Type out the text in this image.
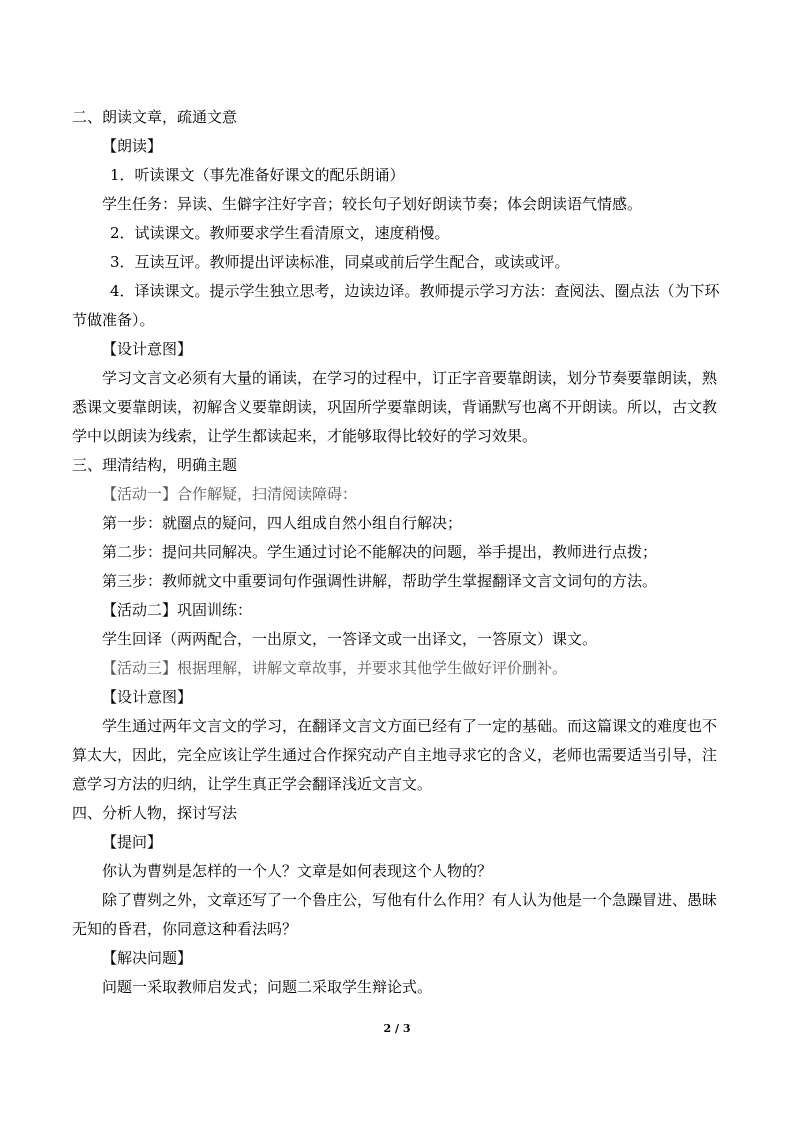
二、朗读文章，疏通文意

【朗读】

1．听读课文（事先准备好课文的配乐朗诵）

学生任务：异读、生僻字注好字音；较长句子划好朗读节奏；体会朗读语气情感。

2．试读课文。教师要求学生看清原文，速度稍慢。

3．互读互评。教师提出评读标准，同桌或前后学生配合，或读或评。

4．译读课文。提示学生独立思考，边读边译。教师提示学习方法：查阅法、圈点法（为下环节做准备）。

【设计意图】

学习文言文必须有大量的诵读，在学习的过程中，订正字音要靠朗读，划分节奏要靠朗读，熟悉课文要靠朗读，初解含义要靠朗读，巩固所学要靠朗读，背诵默写也离不开朗读。所以，古文教学中以朗读为线索，让学生都读起来，才能够取得比较好的学习效果。

三、理清结构，明确主题

【活动一】合作解疑，扫清阅读障碍：

第一步：就圈点的疑问，四人组成自然小组自行解决；

第二步：提问共同解决。学生通过讨论不能解决的问题，举手提出，教师进行点拨；

第三步：教师就文中重要词句作强调性讲解，帮助学生掌握翻译文言文词句的方法。

【活动二】巩固训练：

学生回译（两两配合，一出原文，一答译文或一出译文，一答原文）课文。

【活动三】根据理解，讲解文章故事，并要求其他学生做好评价删补。

【设计意图】

学生通过两年文言文的学习，在翻译文言文方面已经有了一定的基础。而这篇课文的难度也不算太大，因此，完全应该让学生通过合作探究动产自主地寻求它的含义，老师也需要适当引导，注意学习方法的归纳，让学生真正学会翻译浅近文言文。

四、分析人物，探讨写法

【提问】

你认为曹刿是怎样的一个人？文章是如何表现这个人物的？

除了曹刿之外，文章还写了一个鲁庄公，写他有什么作用？有人认为他是一个急躁冒进、愚昧无知的昏君，你同意这种看法吗？

【解决问题】

问题一采取教师启发式；问题二采取学生辩论式。

2 / 3
